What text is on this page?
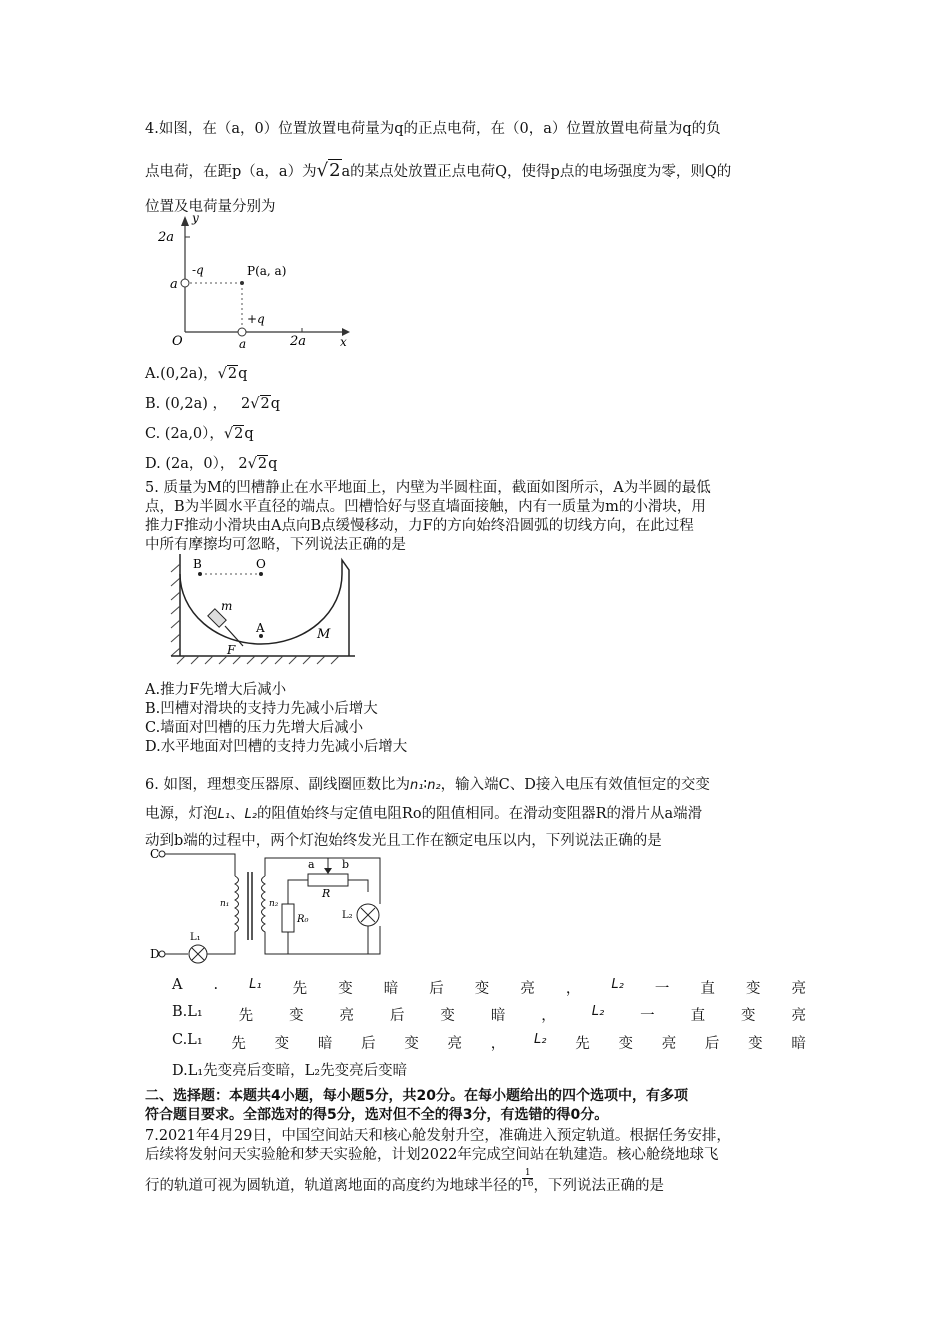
4.如图，在（a，0）位置放置电荷量为q的正点电荷，在（0，a）位置放置电荷量为q的负
点电荷，在距p（a，a）为√2a的某点处放置正点电荷Q，使得p点的电场强度为零，则Q的
位置及电荷量分别为
y
x
O
2a
a
a	2a
-q
+q
P(a, a)
A.(0,2a)，√2q
B. (0,2a) ， 2√2q
C. (2a,0），√2q
D. (2a，0）， 2√2q
5. 质量为M的凹槽静止在水平地面上，内壁为半圆柱面，截面如图所示，A为半圆的最低
点，B为半圆水平直径的端点。凹槽恰好与竖直墙面接触，内有一质量为m的小滑块，用
推力F推动小滑块由A点向B点缓慢移动，力F的方向始终沿圆弧的切线方向，在此过程
中所有摩擦均可忽略，下列说法正确的是
B	O
m
A
F
M
A.推力F先增大后减小
B.凹槽对滑块的支持力先减小后增大
C.墙面对凹槽的压力先增大后减小
D.水平地面对凹槽的支持力先减小后增大
6. 如图，理想变压器原、副线圈匝数比为n₁∶n₂，输入端C、D接入电压有效值恒定的交变
电源，灯泡L₁、L₂的阻值始终与定值电阻Ro的阻值相同。在滑动变阻器R的滑片从a端滑
动到b端的过程中，两个灯泡始终发光且工作在额定电压以内，下列说法正确的是
C
D
n₁	n₂
a b
R
R₀
L₁
L₂
A . L₁ 先 变 暗 后 变 亮 ， L₂ 一 直 变 亮
B.L₁ 先 变 亮 后 变 暗 ，	L₂ 一 直 变 亮
C.L₁ 先 变 暗 后 变 亮 ， L₂ 先 变 亮 后 变 暗
D.L₁先变亮后变暗，L₂先变亮后变暗
二、选择题：本题共4小题，每小题5分，共20分。在每小题给出的四个选项中，有多项
符合题目要求。全部选对的得5分，选对但不全的得3分，有选错的得0分。
7.2021年4月29日，中国空间站天和核心舱发射升空，准确进入预定轨道。根据任务安排，
后续将发射问天实验舱和梦天实验舱，计划2022年完成空间站在轨建造。核心舱绕地球飞
行的轨道可视为圆轨道，轨道离地面的高度约为地球半径的 $\frac{1}{16}$ ，下列说法正确的是
